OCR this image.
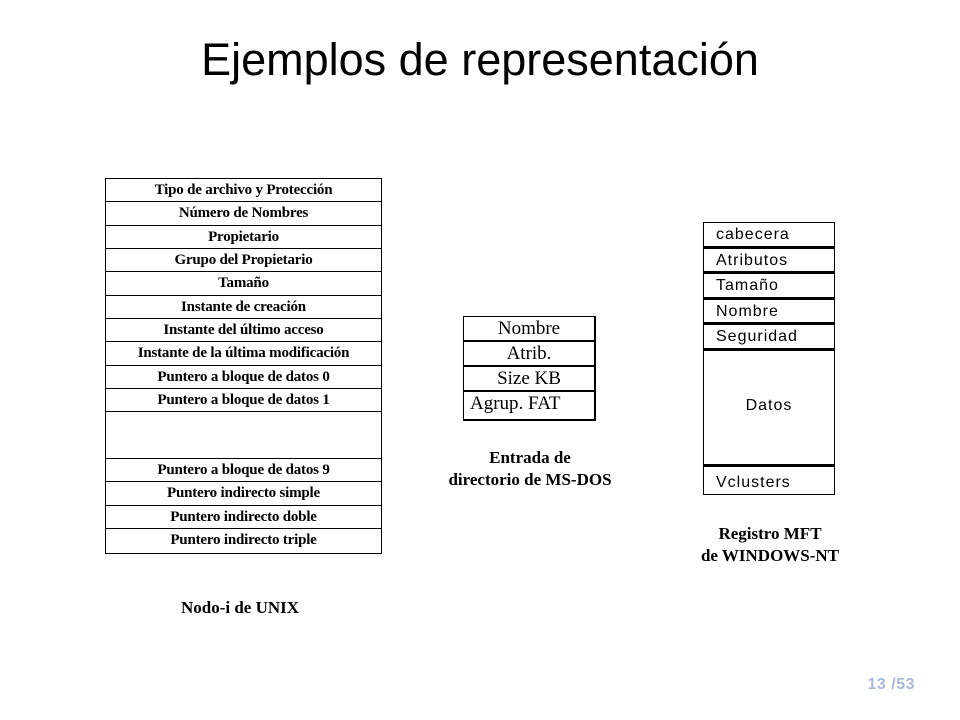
Ejemplos de representación
Tipo de archivo y Protección
Número de Nombres
Propietario
Grupo del Propietario
Tamaño
Instante de creación
Instante del último acceso
Instante de la última modificación
Puntero a bloque de datos 0
Puntero a bloque de datos 1
Puntero a bloque de datos 9
Puntero indirecto simple
Puntero indirecto doble
Puntero indirecto triple
Nodo-i de UNIX
Nombre
Atrib.
Size KB
Agrup. FAT
Entrada de
directorio de MS-DOS
cabecera
Atributos
Tamaño
Nombre
Seguridad
Datos
Vclusters
Registro MFT
de WINDOWS-NT
13 /53
